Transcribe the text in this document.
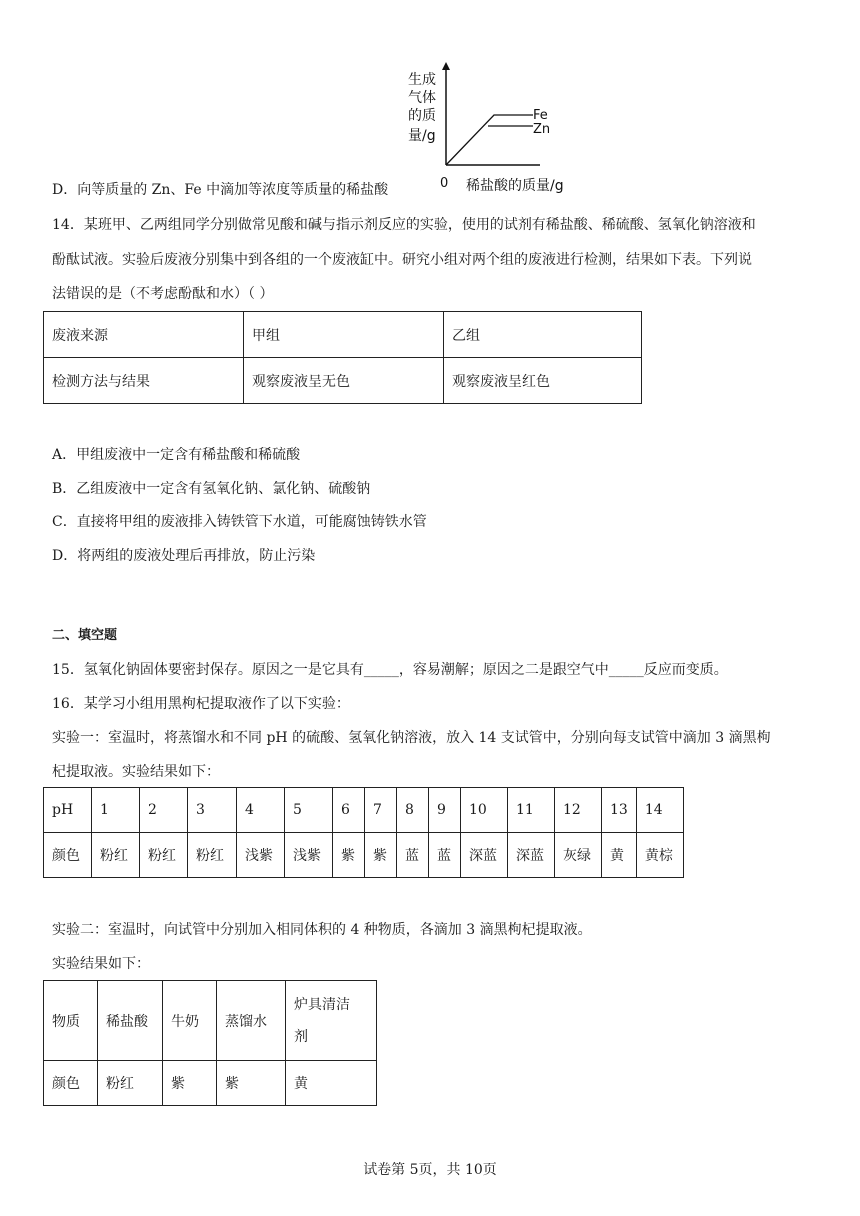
生成
气体
的质
量/g
Fe
Zn
0 稀盐酸的质量/g
D．向等质量的 Zn、Fe 中滴加等浓度等质量的稀盐酸
14．某班甲、乙两组同学分别做常见酸和碱与指示剂反应的实验，使用的试剂有稀盐酸、稀硫酸、氢氧化钠溶液和
酚酞试液。实验后废液分别集中到各组的一个废液缸中。研究小组对两个组的废液进行检测，结果如下表。下列说
法错误的是（不考虑酚酞和水）（ ）
废液来源	甲组	乙组
检测方法与结果	观察废液呈无色	观察废液呈红色
A．甲组废液中一定含有稀盐酸和稀硫酸
B．乙组废液中一定含有氢氧化钠、氯化钠、硫酸钠
C．直接将甲组的废液排入铸铁管下水道，可能腐蚀铸铁水管
D．将两组的废液处理后再排放，防止污染
二、填空题
15．氢氧化钠固体要密封保存。原因之一是它具有_____，容易潮解；原因之二是跟空气中_____反应而变质。
16．某学习小组用黑枸杞提取液作了以下实验：
实验一：室温时，将蒸馏水和不同 pH 的硫酸、氢氧化钠溶液，放入 14 支试管中，分别向每支试管中滴加 3 滴黑枸
杞提取液。实验结果如下：
pH	1	2	3	4	5	6	7	8	9	10	11	12	13	14
颜色	粉红	粉红	粉红	浅紫	浅紫	紫	紫	蓝	蓝	深蓝	深蓝	灰绿	黄	黄棕
实验二：室温时，向试管中分别加入相同体积的 4 种物质，各滴加 3 滴黑枸杞提取液。
实验结果如下：
物质	稀盐酸	牛奶	蒸馏水	炉具清洁
剂

颜色	粉红	紫	紫	黄
试卷第 5页，共 10页
